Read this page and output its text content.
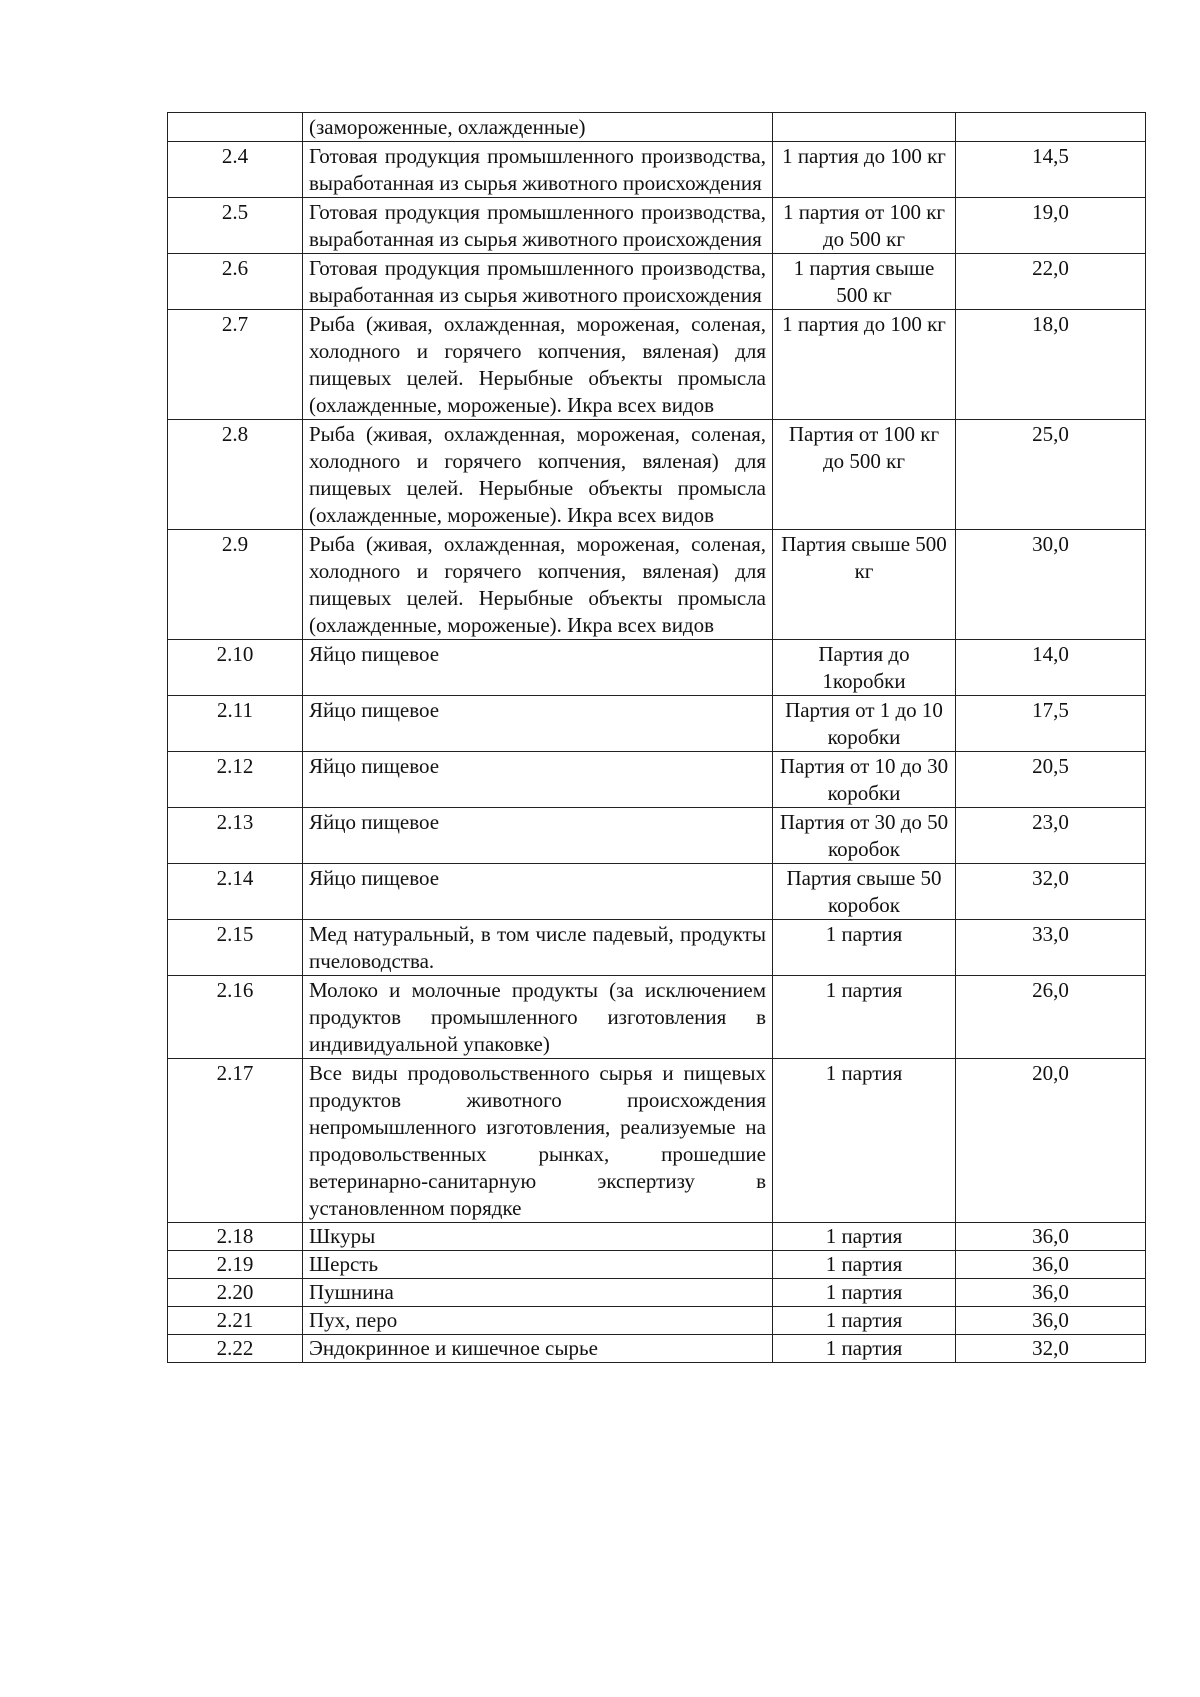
	(замороженные, охлажденные)		
2.4	Готовая продукция промышленного производства, выработанная из сырья животного происхождения	1 партия до 100 кг	14,5
2.5	Готовая продукция промышленного производства, выработанная из сырья животного происхождения	1 партия от 100 кг до 500 кг	19,0
2.6	Готовая продукция промышленного производства, выработанная из сырья животного происхождения	1 партия свыше 500 кг	22,0
2.7	Рыба (живая, охлажденная, мороженая, соленая, холодного и горячего копчения, вяленая) для пищевых целей. Нерыбные объекты промысла (охлажденные, мороженые). Икра всех видов	1 партия до 100 кг	18,0
2.8	Рыба (живая, охлажденная, мороженая, соленая, холодного и горячего копчения, вяленая) для пищевых целей. Нерыбные объекты промысла (охлажденные, мороженые). Икра всех видов	Партия от 100 кг до 500 кг	25,0
2.9	Рыба (живая, охлажденная, мороженая, соленая, холодного и горячего копчения, вяленая) для пищевых целей. Нерыбные объекты промысла (охлажденные, мороженые). Икра всех видов	Партия свыше 500 кг	30,0
2.10	Яйцо пищевое	Партия до 1коробки	14,0
2.11	Яйцо пищевое	Партия от 1 до 10 коробки	17,5
2.12	Яйцо пищевое	Партия от 10 до 30 коробки	20,5
2.13	Яйцо пищевое	Партия от 30 до 50 коробок	23,0
2.14	Яйцо пищевое	Партия свыше 50 коробок	32,0
2.15	Мед натуральный, в том числе падевый, продукты пчеловодства.	1 партия	33,0
2.16	Молоко и молочные продукты (за исключением продуктов промышленного изготовления в индивидуальной упаковке)	1 партия	26,0
2.17	Все виды продовольственного сырья и пищевых продуктов животного происхождения непромышленного изготовления, реализуемые на продовольственных рынках, прошедшие ветеринарно-санитарную экспертизу в установленном порядке	1 партия	20,0
2.18	Шкуры	1 партия	36,0
2.19	Шерсть	1 партия	36,0
2.20	Пушнина	1 партия	36,0
2.21	Пух, перо	1 партия	36,0
2.22	Эндокринное и кишечное сырье	1 партия	32,0
